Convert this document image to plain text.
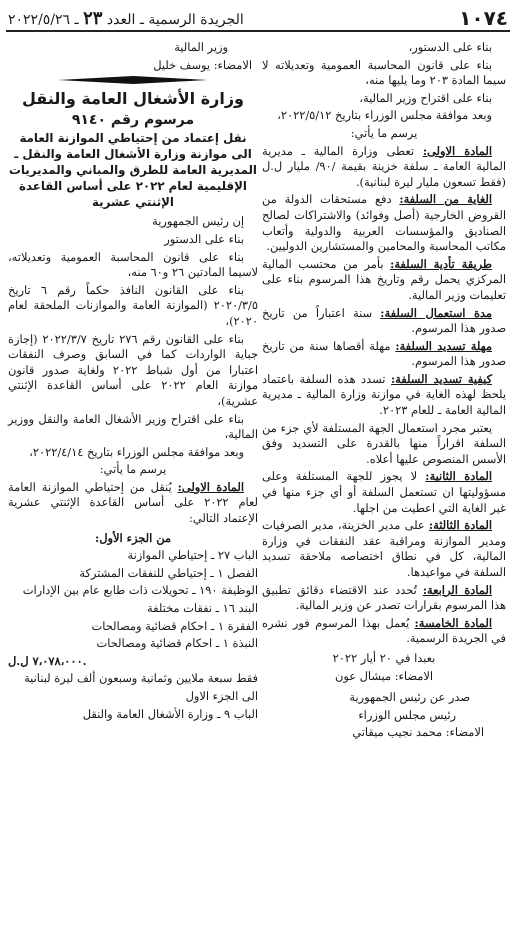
١٠٧٤
الجريدة الرسمية ـ العدد ٢٣ ـ ٢٠٢٢/٥/٢٦

بناء على الدستور،

بناء على قانون المحاسبة العمومية وتعديلاته لا سيما المادة ٢٠٣ وما يليها منه،

بناء على اقتراح وزير المالية،

وبعد موافقة مجلس الوزراء بتاريخ ٢٠٢٢/٥/١٢،

يرسم ما يأتي:

المادة الاولى: تعطى وزارة المالية ـ مديرية المالية العامة ـ سلفة خزينة بقيمة /٩٠/ مليار ل.ل (فقط تسعون مليار ليرة لبنانية).

الغاية من السلفة: دفع مستحقات الدولة من القروض الخارجية (أصل وفوائد) والاشتراكات لصالح الصناديق والمؤسسات العربية والدولية وأتعاب مكاتب المحاسبة والمحامين والمستشارين الدوليين.

طريقة تأدية السلفة: بأمر من محتسب المالية المركزي يحمل رقم وتاريخ هذا المرسوم بناء على تعليمات وزير المالية.

مدة استعمال السلفة: سنة اعتباراً من تاريخ صدور هذا المرسوم.

مهلة تسديد السلفة: مهلة أقصاها سنة من تاريخ صدور هذا المرسوم.

كيفية تسديد السلفة: تسدد هذه السلفة باعتماد يلحظ لهذه الغاية في موازنة وزارة المالية ـ مديرية المالية العامة ـ للعام ٢٠٢٣.

يعتبر مجرد استعمال الجهة المستلفة لأي جزء من السلفة اقراراً منها بالقدرة على التسديد وفق الأسس المنصوص عليها أعلاه.

المادة الثانية: لا يجوز للجهة المستلفة وعلى مسؤوليتها ان تستعمل السلفة أو أي جزء منها في غير الغاية التي اعطيت من اجلها.

المادة الثالثة: على مدير الخزينة، مدير الصرفيات ومدير الموازنة ومراقبة عقد النفقات في وزارة المالية، كل في نطاق اختصاصه ملاحقة تسديد السلفة في مواعيدها.

المادة الرابعة: تُحدد عند الاقتضاء دقائق تطبيق هذا المرسوم بقرارات تصدر عن وزير المالية.

المادة الخامسة: يُعمل بهذا المرسوم فور نشره في الجريدة الرسمية.

بعبدا في ٢٠ أيار ٢٠٢٢

الامضاء: ميشال عون

صدر عن رئيس الجمهورية

رئيس مجلس الوزراء

الامضاء: محمد نجيب ميقاتي

وزير المالية

الامضاء: يوسف خليل

وزارة الأشغال العامة والنقل
مرسوم رقم ٩١٤٠
نقل إعتماد من إحتياطي الموازنة العامة الى موازنة وزارة الأشغال العامة والنقل ـ المديرية العامة للطرق والمباني والمديريات الإقليمية لعام ٢٠٢٢ على أساس القاعدة الإثنتي عشرية

إن رئيس الجمهورية

بناء على الدستور

بناء على قانون المحاسبة العمومية وتعديلاته، لاسيما المادتين ٢٦ و٦٠ منه،

بناء على القانون النافذ حكماً رقم ٦ تاريخ ٢٠٢٠/٣/٥ (الموازنة العامة والموازنات الملحقة لعام ٢٠٢٠)،

بناء على القانون رقم ٢٧٦ تاريخ ٢٠٢٢/٣/٧ (إجازة جباية الواردات كما في السابق وصرف النفقات اعتبارا من أول شباط ٢٠٢٢ ولغاية صدور قانون موازنة العام ٢٠٢٢ على أساس القاعدة الإثنتي عشرية)،

بناء على اقتراح وزير الأشغال العامة والنقل ووزير المالية،

وبعد موافقة مجلس الوزراء بتاريخ ٢٠٢٢/٤/١٤،

يرسم ما يأتي:

المادة الاولى: يُنقل من إحتياطي الموازنة العامة لعام ٢٠٢٢ على أساس القاعدة الإثنتي عشرية الإعتماد التالي:

من الجزء الأول:

الباب ٢٧ ـ إحتياطي الموازنة

الفصل ١ ـ إحتياطي للنفقات المشتركة

الوظيفة ١٩٠ ـ تحويلات ذات طابع عام بين الإدارات

البند ١٦ ـ نفقات مختلفة

الفقرة ١ ـ احكام قضائية ومصالحات

النبذة ١ ـ احكام قضائية ومصالحات

٧،٠٧٨،٠٠٠ ل.ل.

فقط سبعة ملايين وثمانية وسبعون ألف ليرة لبنانية

الى الجزء الاول

الباب ٩ ـ وزارة الأشغال العامة والنقل
